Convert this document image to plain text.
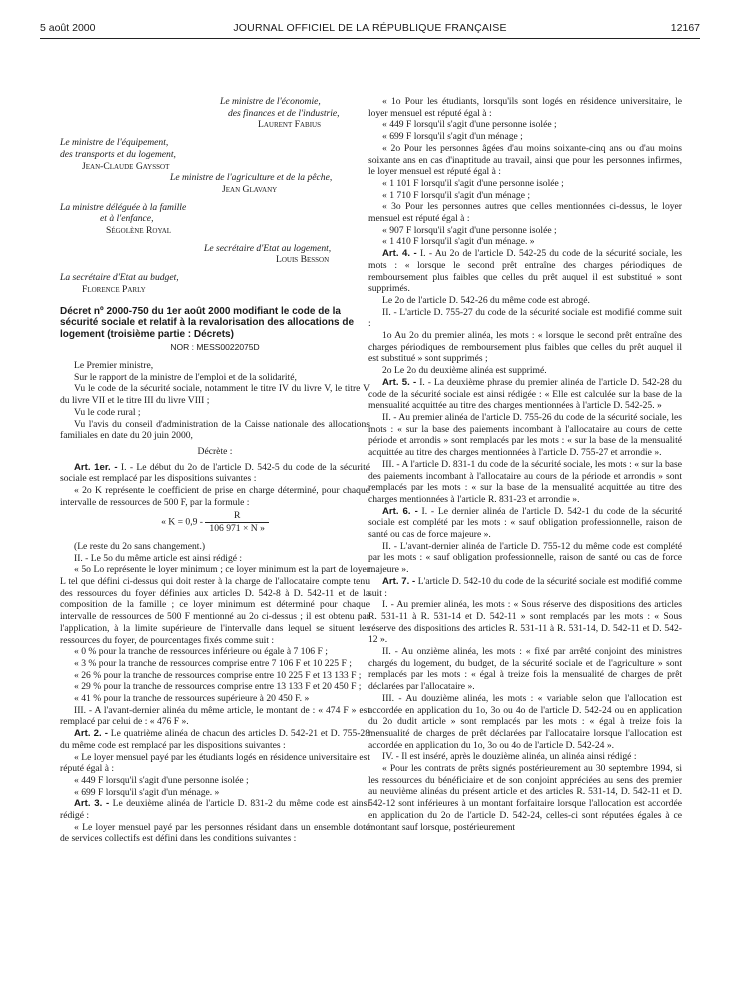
5 août 2000	JOURNAL OFFICIEL DE LA RÉPUBLIQUE FRANÇAISE	12167

Le ministre de l'économie,

des finances et de l'industrie,

Laurent Fabius

Le ministre de l'équipement,

des transports et du logement,

Jean-Claude Gayssot

Le ministre de l'agriculture et de la pêche,

Jean Glavany

La ministre déléguée à la famille

et à l'enfance,

Ségolène Royal

Le secrétaire d'Etat au logement,

Louis Besson

La secrétaire d'Etat au budget,

Florence Parly

Décret nº 2000-750 du 1er août 2000 modifiant le code de la sécurité sociale et relatif à la revalorisation des allocations de logement (troisième partie : Décrets)
NOR : MESS0022075D

Le Premier ministre,

Sur le rapport de la ministre de l'emploi et de la solidarité,

Vu le code de la sécurité sociale, notamment le titre IV du livre V, le titre V du livre VII et le titre III du livre VIII ;

Vu le code rural ;

Vu l'avis du conseil d'administration de la Caisse nationale des allocations familiales en date du 20 juin 2000,

Décrète :

Art. 1er. - I. - Le début du 2o de l'article D. 542-5 du code de la sécurité sociale est remplacé par les dispositions suivantes :

« 2o K représente le coefficient de prise en charge déterminé, pour chaque intervalle de ressources de 500 F, par la formule :

« $K = 0,9 - \frac{R}{106 971 \times N »}$

(Le reste du 2o sans changement.)

II. - Le 5o du même article est ainsi rédigé :

« 5o Lo représente le loyer minimum ; ce loyer minimum est la part de loyer L tel que défini ci-dessus qui doit rester à la charge de l'allocataire compte tenu des ressources du foyer définies aux articles D. 542-8 à D. 542-11 et de la composition de la famille ; ce loyer minimum est déterminé pour chaque intervalle de ressources de 500 F mentionné au 2o ci-dessus ; il est obtenu par l'application, à la limite supérieure de l'intervalle dans lequel se situent les ressources du foyer, de pourcentages fixés comme suit :

« 0 % pour la tranche de ressources inférieure ou égale à 7 106 F ;

« 3 % pour la tranche de ressources comprise entre 7 106 F et 10 225 F ;

« 26 % pour la tranche de ressources comprise entre 10 225 F et 13 133 F ;

« 29 % pour la tranche de ressources comprise entre 13 133 F et 20 450 F ;

« 41 % pour la tranche de ressources supérieure à 20 450 F. »

III. - A l'avant-dernier alinéa du même article, le montant de : « 474 F » est remplacé par celui de : « 476 F ».

Art. 2. - Le quatrième alinéa de chacun des articles D. 542-21 et D. 755-28 du même code est remplacé par les dispositions suivantes :

« Le loyer mensuel payé par les étudiants logés en résidence universitaire est réputé égal à :

« 449 F lorsqu'il s'agit d'une personne isolée ;

« 699 F lorsqu'il s'agit d'un ménage. »

Art. 3. - Le deuxième alinéa de l'article D. 831-2 du même code est ainsi rédigé :

« Le loyer mensuel payé par les personnes résidant dans un ensemble doté de services collectifs est défini dans les conditions suivantes :

« 1o Pour les étudiants, lorsqu'ils sont logés en résidence universitaire, le loyer mensuel est réputé égal à :

« 449 F lorsqu'il s'agit d'une personne isolée ;

« 699 F lorsqu'il s'agit d'un ménage ;

« 2o Pour les personnes âgées d'au moins soixante-cinq ans ou d'au moins soixante ans en cas d'inaptitude au travail, ainsi que pour les personnes infirmes, le loyer mensuel est réputé égal à :

« 1 101 F lorsqu'il s'agit d'une personne isolée ;

« 1 710 F lorsqu'il s'agit d'un ménage ;

« 3o Pour les personnes autres que celles mentionnées ci-dessus, le loyer mensuel est réputé égal à :

« 907 F lorsqu'il s'agit d'une personne isolée ;

« 1 410 F lorsqu'il s'agit d'un ménage. »

Art. 4. - I. - Au 2o de l'article D. 542-25 du code de la sécurité sociale, les mots : « lorsque le second prêt entraîne des charges périodiques de remboursement plus faibles que celles du prêt auquel il est substitué » sont supprimés.

Le 2o de l'article D. 542-26 du même code est abrogé.

II. - L'article D. 755-27 du code de la sécurité sociale est modifié comme suit :

1o Au 2o du premier alinéa, les mots : « lorsque le second prêt entraîne des charges périodiques de remboursement plus faibles que celles du prêt auquel il est substitué » sont supprimés ;

2o Le 2o du deuxième alinéa est supprimé.

Art. 5. - I. - La deuxième phrase du premier alinéa de l'article D. 542-28 du code de la sécurité sociale est ainsi rédigée : « Elle est calculée sur la base de la mensualité acquittée au titre des charges mentionnées à l'article D. 542-25. »

II. - Au premier alinéa de l'article D. 755-26 du code de la sécurité sociale, les mots : « sur la base des paiements incombant à l'allocataire au cours de cette période et arrondis » sont remplacés par les mots : « sur la base de la mensualité acquittée au titre des charges mentionnées à l'article D. 755-27 et arrondie ».

III. - A l'article D. 831-1 du code de la sécurité sociale, les mots : « sur la base des paiements incombant à l'allocataire au cours de la période et arrondis » sont remplacés par les mots : « sur la base de la mensualité acquittée au titre des charges mentionnées à l'article R. 831-23 et arrondie ».

Art. 6. - I. - Le dernier alinéa de l'article D. 542-1 du code de la sécurité sociale est complété par les mots : « sauf obligation professionnelle, raison de santé ou cas de force majeure ».

II. - L'avant-dernier alinéa de l'article D. 755-12 du même code est complété par les mots : « sauf obligation professionnelle, raison de santé ou cas de force majeure ».

Art. 7. - L'article D. 542-10 du code de la sécurité sociale est modifié comme suit :

I. - Au premier alinéa, les mots : « Sous réserve des dispositions des articles R. 531-11 à R. 531-14 et D. 542-11 » sont remplacés par les mots : « Sous réserve des dispositions des articles R. 531-11 à R. 531-14, D. 542-11 et D. 542-12 ».

II. - Au onzième alinéa, les mots : « fixé par arrêté conjoint des ministres chargés du logement, du budget, de la sécurité sociale et de l'agriculture » sont remplacés par les mots : « égal à treize fois la mensualité de charges de prêt déclarées par l'allocataire ».

III. - Au douzième alinéa, les mots : « variable selon que l'allocation est accordée en application du 1o, 3o ou 4o de l'article D. 542-24 ou en application du 2o dudit article » sont remplacés par les mots : « égal à treize fois la mensualité de charges de prêt déclarées par l'allocataire lorsque l'allocation est accordée en application du 1o, 3o ou 4o de l'article D. 542-24 ».

IV. - Il est inséré, après le douzième alinéa, un alinéa ainsi rédigé :

« Pour les contrats de prêts signés postérieurement au 30 septembre 1994, si les ressources du bénéficiaire et de son conjoint appréciées au sens des premier au neuvième alinéas du présent article et des articles R. 531-14, D. 542-11 et D. 542-12 sont inférieures à un montant forfaitaire lorsque l'allocation est accordée en application du 2o de l'article D. 542-24, celles-ci sont réputées égales à ce montant sauf lorsque, postérieurement
